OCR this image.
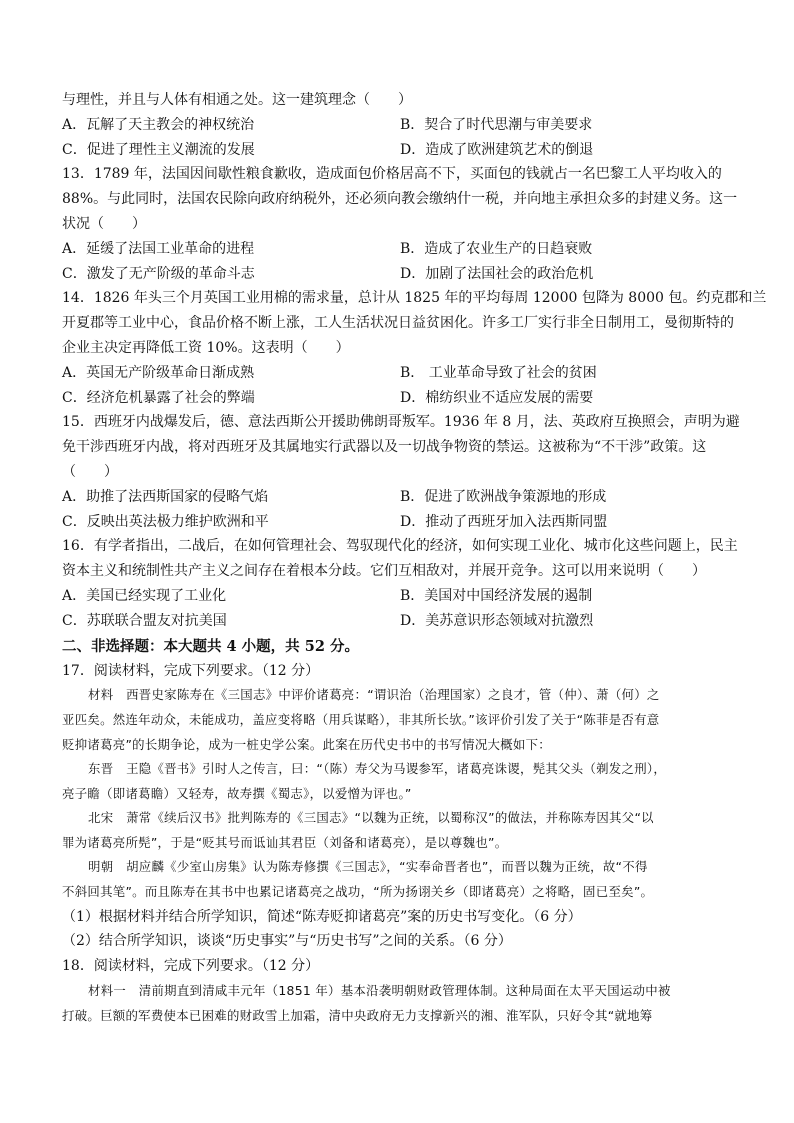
与理性，并且与人体有相通之处。这一建筑理念（　　）
A．瓦解了天主教会的神权统治	B．契合了时代思潮与审美要求
C．促进了理性主义潮流的发展	D．造成了欧洲建筑艺术的倒退
13．1789 年，法国因间歇性粮食歉收，造成面包价格居高不下，买面包的钱就占一名巴黎工人平均收入的
88%。与此同时，法国农民除向政府纳税外，还必须向教会缴纳什一税，并向地主承担众多的封建义务。这一
状况（　　）
A．延缓了法国工业革命的进程	B．造成了农业生产的日趋衰败
C．激发了无产阶级的革命斗志	D．加剧了法国社会的政治危机
14．1826 年头三个月英国工业用棉的需求量，总计从 1825 年的平均每周 12000 包降为 8000 包。约克郡和兰
开夏郡等工业中心，食品价格不断上涨，工人生活状况日益贫困化。许多工厂实行非全日制用工，曼彻斯特的
企业主决定再降低工资 10%。这表明（　　）
A．英国无产阶级革命日渐成熟	B． 工业革命导致了社会的贫困
C．经济危机暴露了社会的弊端	D．棉纺织业不适应发展的需要
15．西班牙内战爆发后，德、意法西斯公开援助佛朗哥叛军。1936 年 8 月，法、英政府互换照会，声明为避
免干涉西班牙内战，将对西班牙及其属地实行武器以及一切战争物资的禁运。这被称为“不干涉”政策。这
（　　）
A．助推了法西斯国家的侵略气焰	B．促进了欧洲战争策源地的形成
C．反映出英法极力维护欧洲和平	D．推动了西班牙加入法西斯同盟
16．有学者指出，二战后，在如何管理社会、驾驭现代化的经济，如何实现工业化、城市化这些问题上，民主
资本主义和统制性共产主义之间存在着根本分歧。它们互相敌对，并展开竞争。这可以用来说明（　　）
A．美国已经实现了工业化	B．美国对中国经济发展的遏制
C．苏联联合盟友对抗美国	D．美苏意识形态领域对抗激烈
二、非选择题：本大题共 4 小题，共 52 分。
17．阅读材料，完成下列要求。（12 分）
材料　西晋史家陈寿在《三国志》中评价诸葛亮：“谓识治（治理国家）之良才，管（仲）、萧（何）之
亚匹矣。然连年动众，未能成功，盖应变将略（用兵谋略），非其所长欤。”该评价引发了关于“陈菲是否有意
贬抑诸葛亮”的长期争论，成为一桩史学公案。此案在历代史书中的书写情况大概如下：
东晋　王隐《晋书》引时人之传言，曰：“（陈）寿父为马谡参军，诸葛亮诛谡，髡其父头（剃发之刑），
亮子瞻（即诸葛瞻）又轻寿，故寿撰《蜀志》，以爱憎为评也。”
北宋　萧常《续后汉书》批判陈寿的《三国志》“以魏为正统，以蜀称汉”的做法，并称陈寿因其父“以
罪为诸葛亮所髡”，于是“贬其号而诋讪其君臣（刘备和诸葛亮），是以尊魏也”。
明朝　胡应麟《少室山房集》认为陈寿修撰《三国志》，“实奉命晋者也”，而晋以魏为正统，故“不得
不斜回其笔”。而且陈寿在其书中也累记诸葛亮之战功，“所为扬诩关乡（即诸葛亮）之将略，固已至矣”。
（1）根据材料并结合所学知识，简述“陈寿贬抑诸葛亮”案的历史书写变化。（6 分）
（2）结合所学知识，谈谈“历史事实”与“历史书写”之间的关系。（6 分）
18．阅读材料，完成下列要求。（12 分）
材料一　清前期直到清咸丰元年（1851 年）基本沿袭明朝财政管理体制。这种局面在太平天国运动中被
打破。巨额的军费使本已困难的财政雪上加霜，清中央政府无力支撑新兴的湘、淮军队，只好令其“就地筹
